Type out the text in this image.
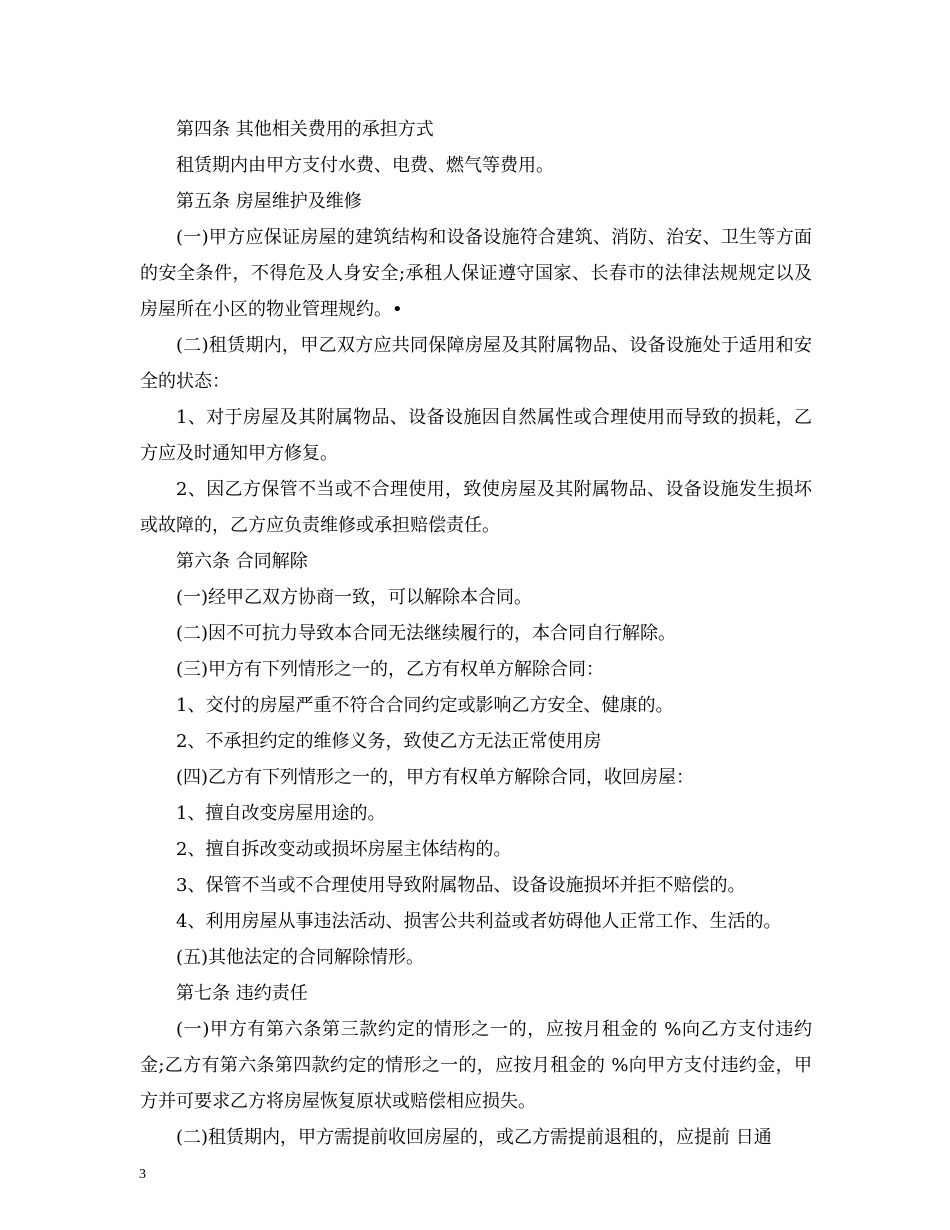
第四条 其他相关费用的承担方式

租赁期内由甲方支付水费、电费、燃气等费用。

第五条 房屋维护及维修

(一)甲方应保证房屋的建筑结构和设备设施符合建筑、消防、治安、卫生等方面的安全条件，不得危及人身安全;承租人保证遵守国家、长春市的法律法规规定以及房屋所在小区的物业管理规约。•

(二)租赁期内，甲乙双方应共同保障房屋及其附属物品、设备设施处于适用和安全的状态：

1、对于房屋及其附属物品、设备设施因自然属性或合理使用而导致的损耗，乙方应及时通知甲方修复。

2、因乙方保管不当或不合理使用，致使房屋及其附属物品、设备设施发生损坏或故障的，乙方应负责维修或承担赔偿责任。

第六条 合同解除

(一)经甲乙双方协商一致，可以解除本合同。

(二)因不可抗力导致本合同无法继续履行的，本合同自行解除。

(三)甲方有下列情形之一的，乙方有权单方解除合同：

1、交付的房屋严重不符合合同约定或影响乙方安全、健康的。

2、不承担约定的维修义务，致使乙方无法正常使用房

(四)乙方有下列情形之一的，甲方有权单方解除合同，收回房屋：

1、擅自改变房屋用途的。

2、擅自拆改变动或损坏房屋主体结构的。

3、保管不当或不合理使用导致附属物品、设备设施损坏并拒不赔偿的。

4、利用房屋从事违法活动、损害公共利益或者妨碍他人正常工作、生活的。

(五)其他法定的合同解除情形。

第七条 违约责任

(一)甲方有第六条第三款约定的情形之一的，应按月租金的 %向乙方支付违约金;乙方有第六条第四款约定的情形之一的，应按月租金的 %向甲方支付违约金，甲方并可要求乙方将房屋恢复原状或赔偿相应损失。

(二)租赁期内，甲方需提前收回房屋的，或乙方需提前退租的，应提前 日通

3
